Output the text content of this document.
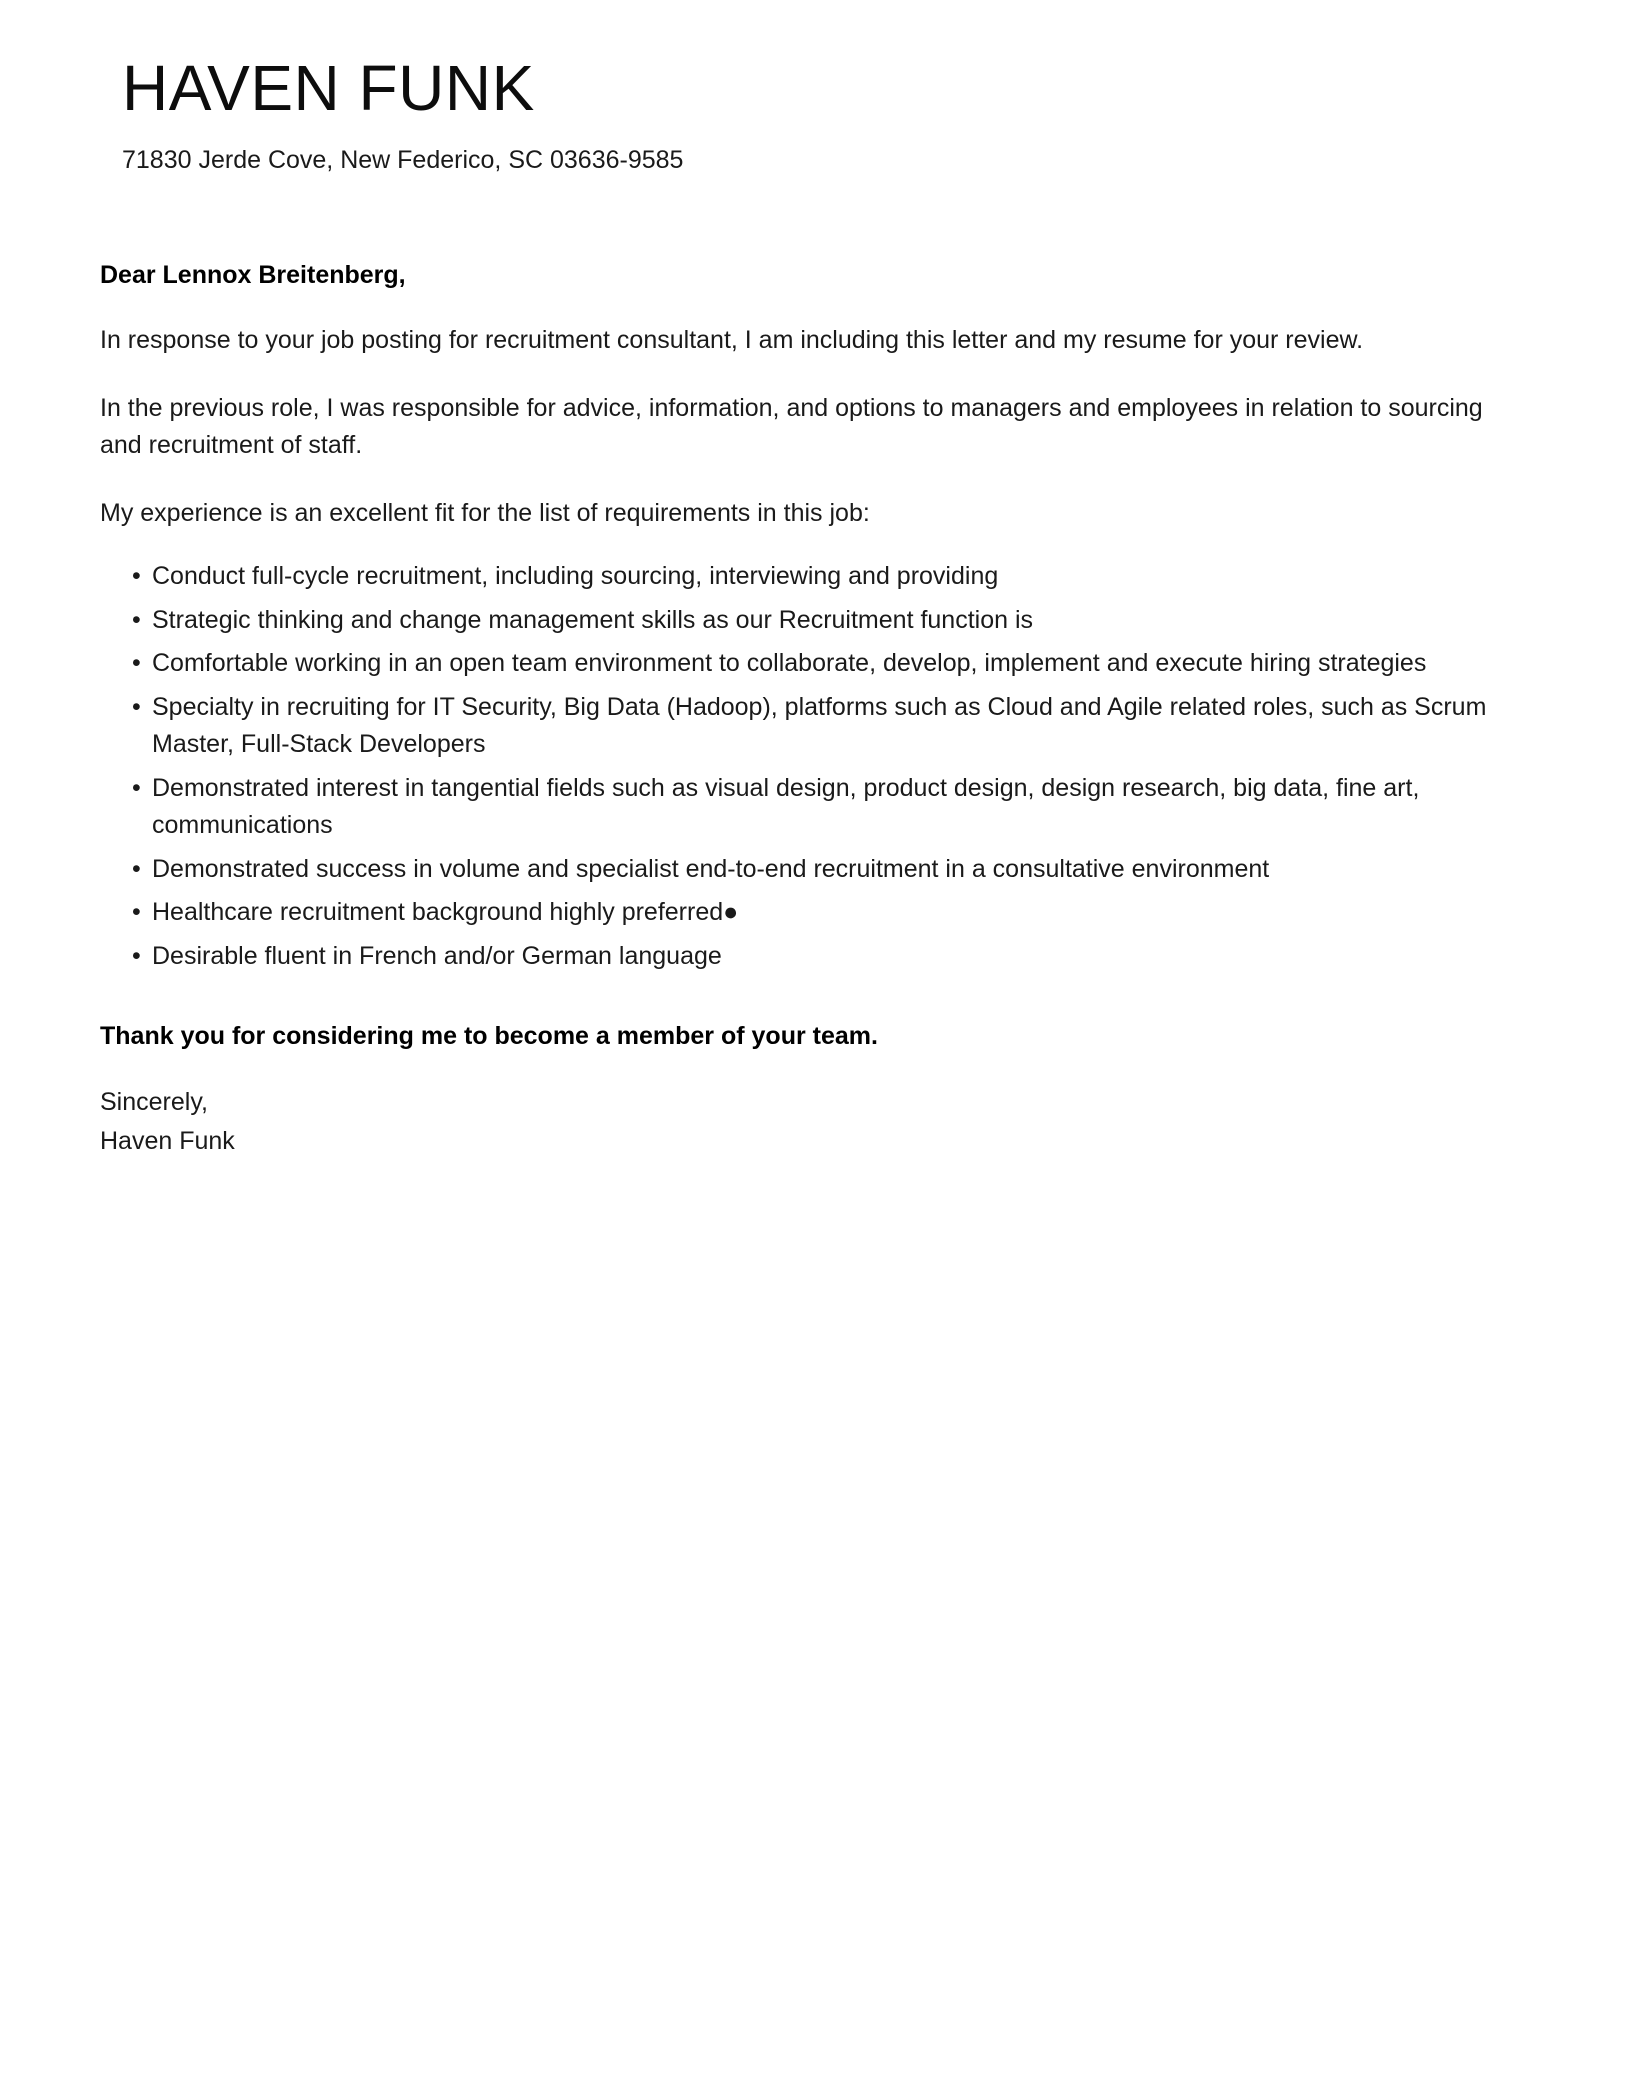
HAVEN FUNK

71830 Jerde Cove, New Federico, SC 03636-9585

Dear Lennox Breitenberg,

In response to your job posting for recruitment consultant, I am including this letter and my resume for your review.

In the previous role, I was responsible for advice, information, and options to managers and employees in relation to sourcing and recruitment of staff.

My experience is an excellent fit for the list of requirements in this job:

• Conduct full-cycle recruitment, including sourcing, interviewing and providing
• Strategic thinking and change management skills as our Recruitment function is
• Comfortable working in an open team environment to collaborate, develop, implement and execute hiring strategies
• Specialty in recruiting for IT Security, Big Data (Hadoop), platforms such as Cloud and Agile related roles, such as Scrum Master, Full-Stack Developers
• Demonstrated interest in tangential fields such as visual design, product design, design research, big data, fine art, communications
• Demonstrated success in volume and specialist end-to-end recruitment in a consultative environment
• Healthcare recruitment background highly preferred●
• Desirable fluent in French and/or German language

Thank you for considering me to become a member of your team.

Sincerely,

Haven Funk
